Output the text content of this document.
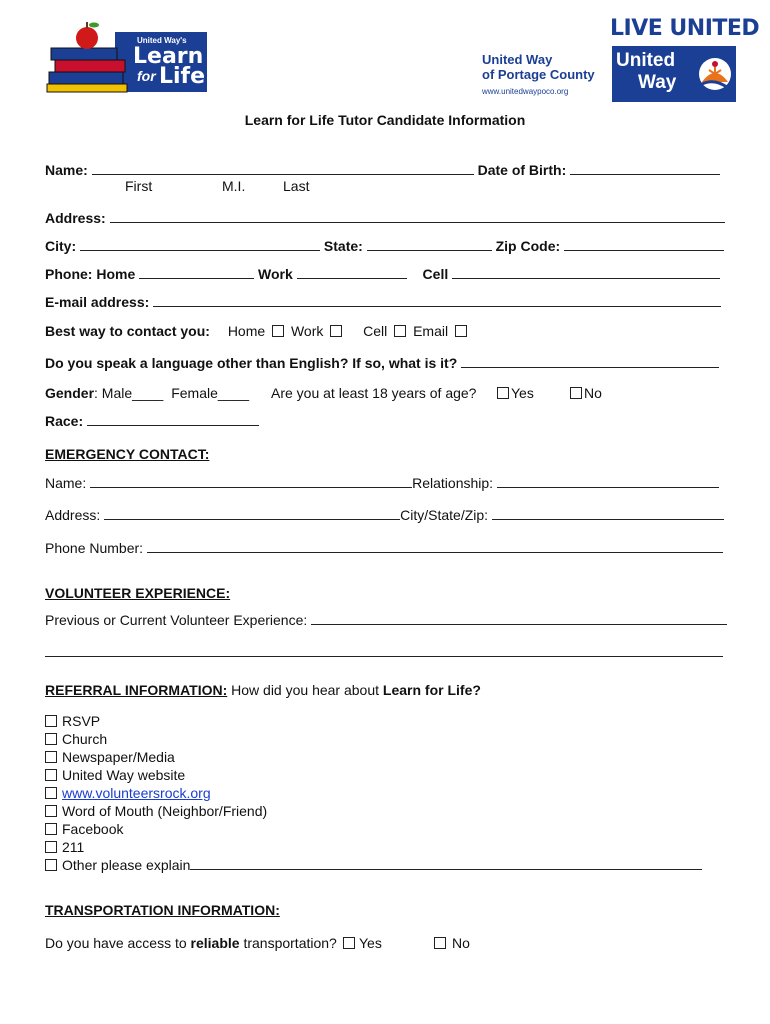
United Way's
Learn
for Life
United Way
of Portage County
www.unitedwaypoco.org
LIVE UNITED
United
Way
Learn for Life Tutor Candidate Information
Name:	Date of Birth:
First	M.I.	Last
Address:
City:	State:	Zip Code:
Phone: Home	Work	Cell
E-mail address:
Best way to contact you: Home Work	Cell Email
Do you speak a language other than English? If so, what is it?
Gender: Male____ Female____ Are you at least 18 years of age?	Yes	No
Race:
EMERGENCY CONTACT:
Name:	Relationship:
Address:	City/State/Zip:
Phone Number:
VOLUNTEER EXPERIENCE:
Previous or Current Volunteer Experience:
REFERRAL INFORMATION: How did you hear about Learn for Life?
RSVP
Church
Newspaper/Media
United Way website
www.volunteersrock.org
Word of Mouth (Neighbor/Friend)
Facebook
211
Other please explain
TRANSPORTATION INFORMATION:
Do you have access to reliable transportation?	Yes	No
